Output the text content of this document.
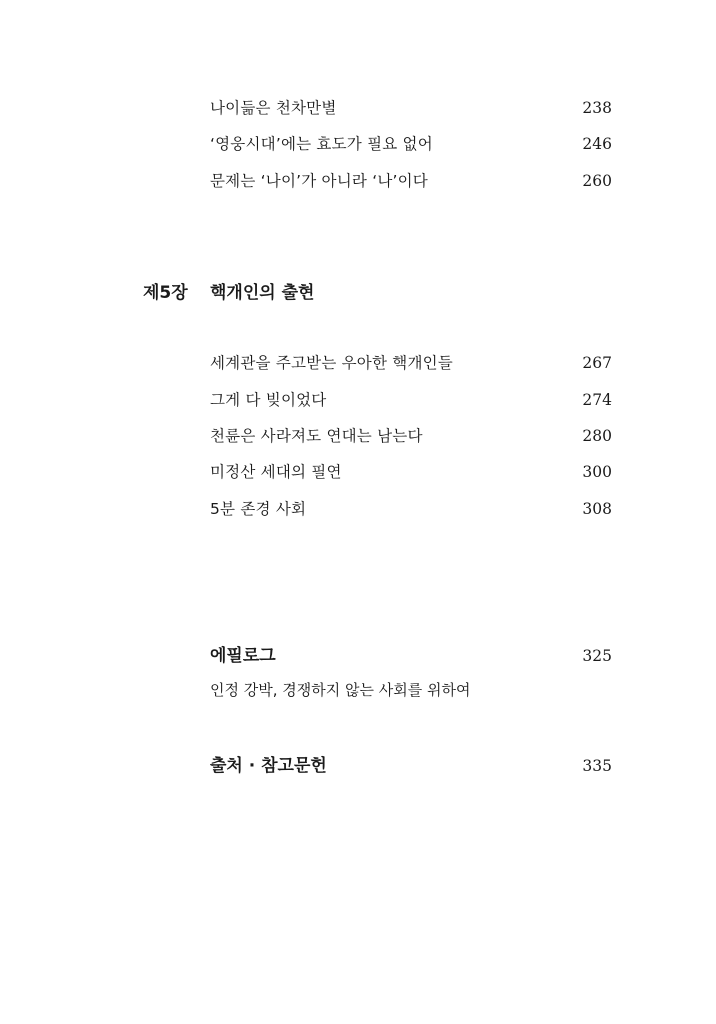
나이듦은 천차만별	238
‘영웅시대’에는 효도가 필요 없어	246
문제는 ‘나이’가 아니라 ‘나’이다	260
제5장 핵개인의 출현
세계관을 주고받는 우아한 핵개인들	267
그게 다 빚이었다	274
천륜은 사라져도 연대는 남는다	280
미정산 세대의 필연	300
5분 존경 사회	308
에필로그	325
인정 강박, 경쟁하지 않는 사회를 위하여
출처 · 참고문헌	335
